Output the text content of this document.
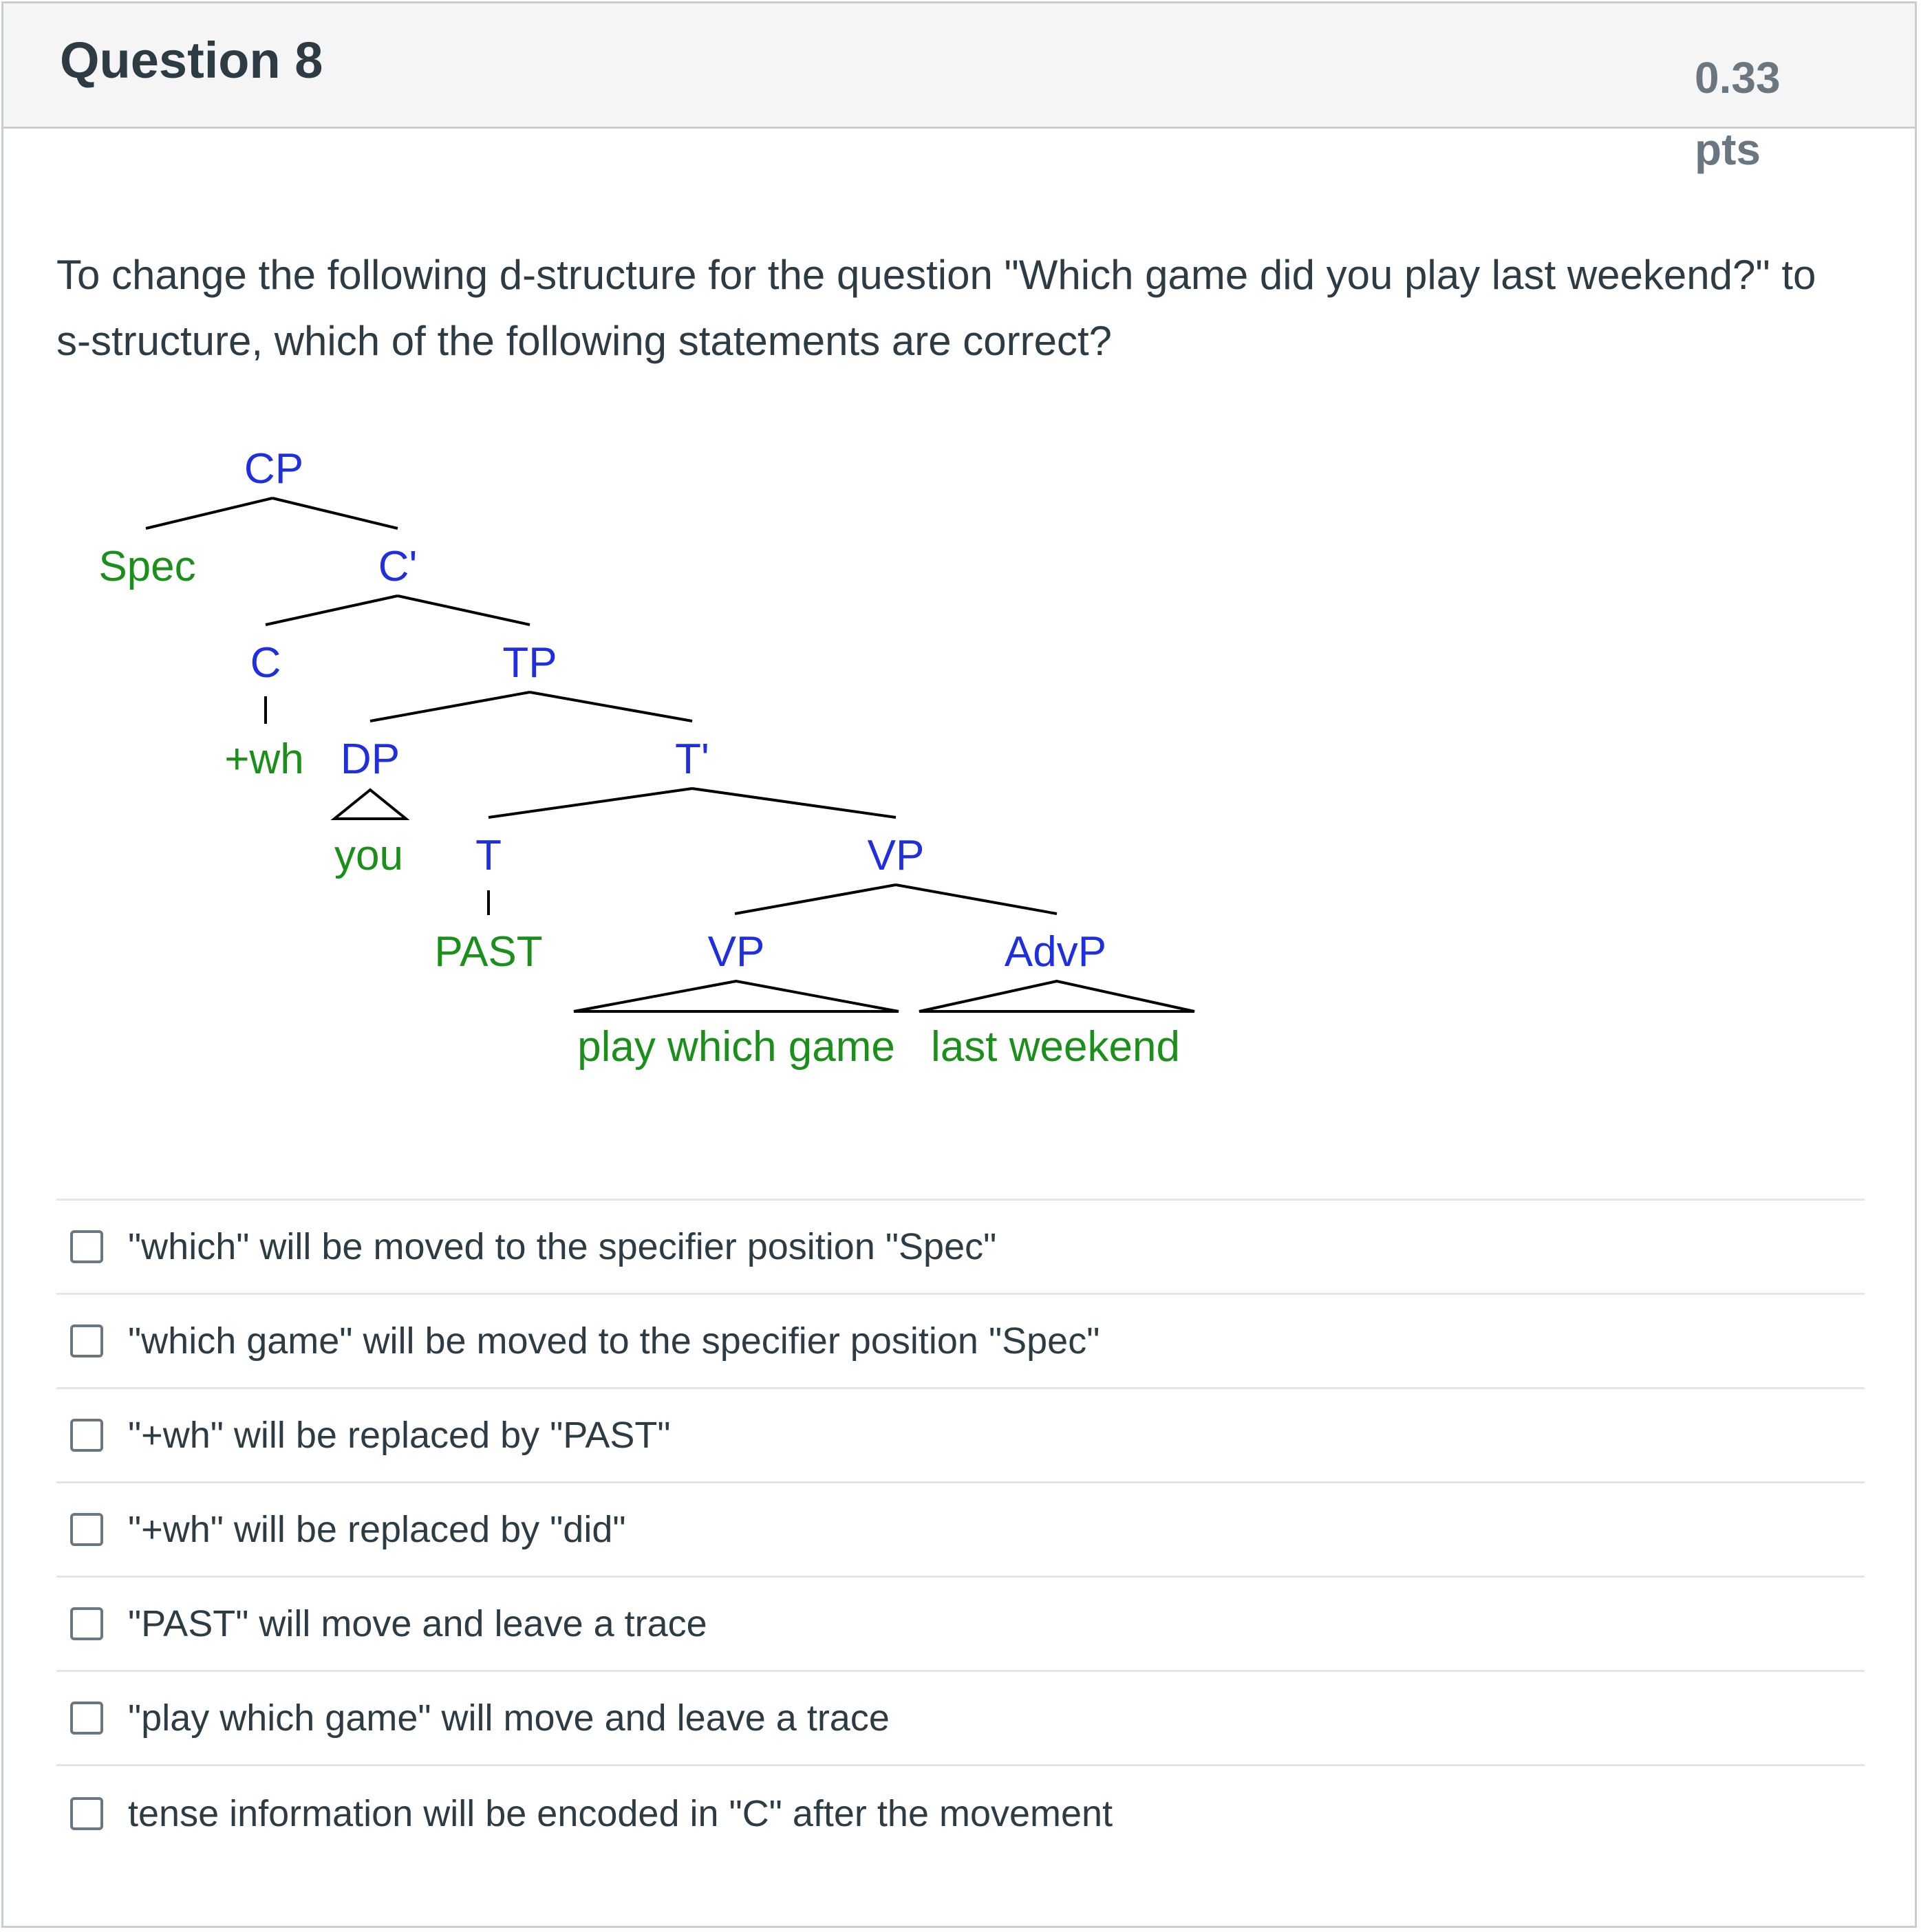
Question 8	0.33
pts

To change the following d-structure for the question "Which game did you play last weekend?" to s-structure, which of the following statements are correct?

CP
Spec	C'
C	TP
+wh DP	T'
you T	VP
PAST	VP	AdvP
play which game last weekend
"which" will be moved to the specifier position "Spec"
"which game" will be moved to the specifier position "Spec"
"+wh" will be replaced by "PAST"
"+wh" will be replaced by "did"
"PAST" will move and leave a trace
"play which game" will move and leave a trace
tense information will be encoded in "C" after the movement
